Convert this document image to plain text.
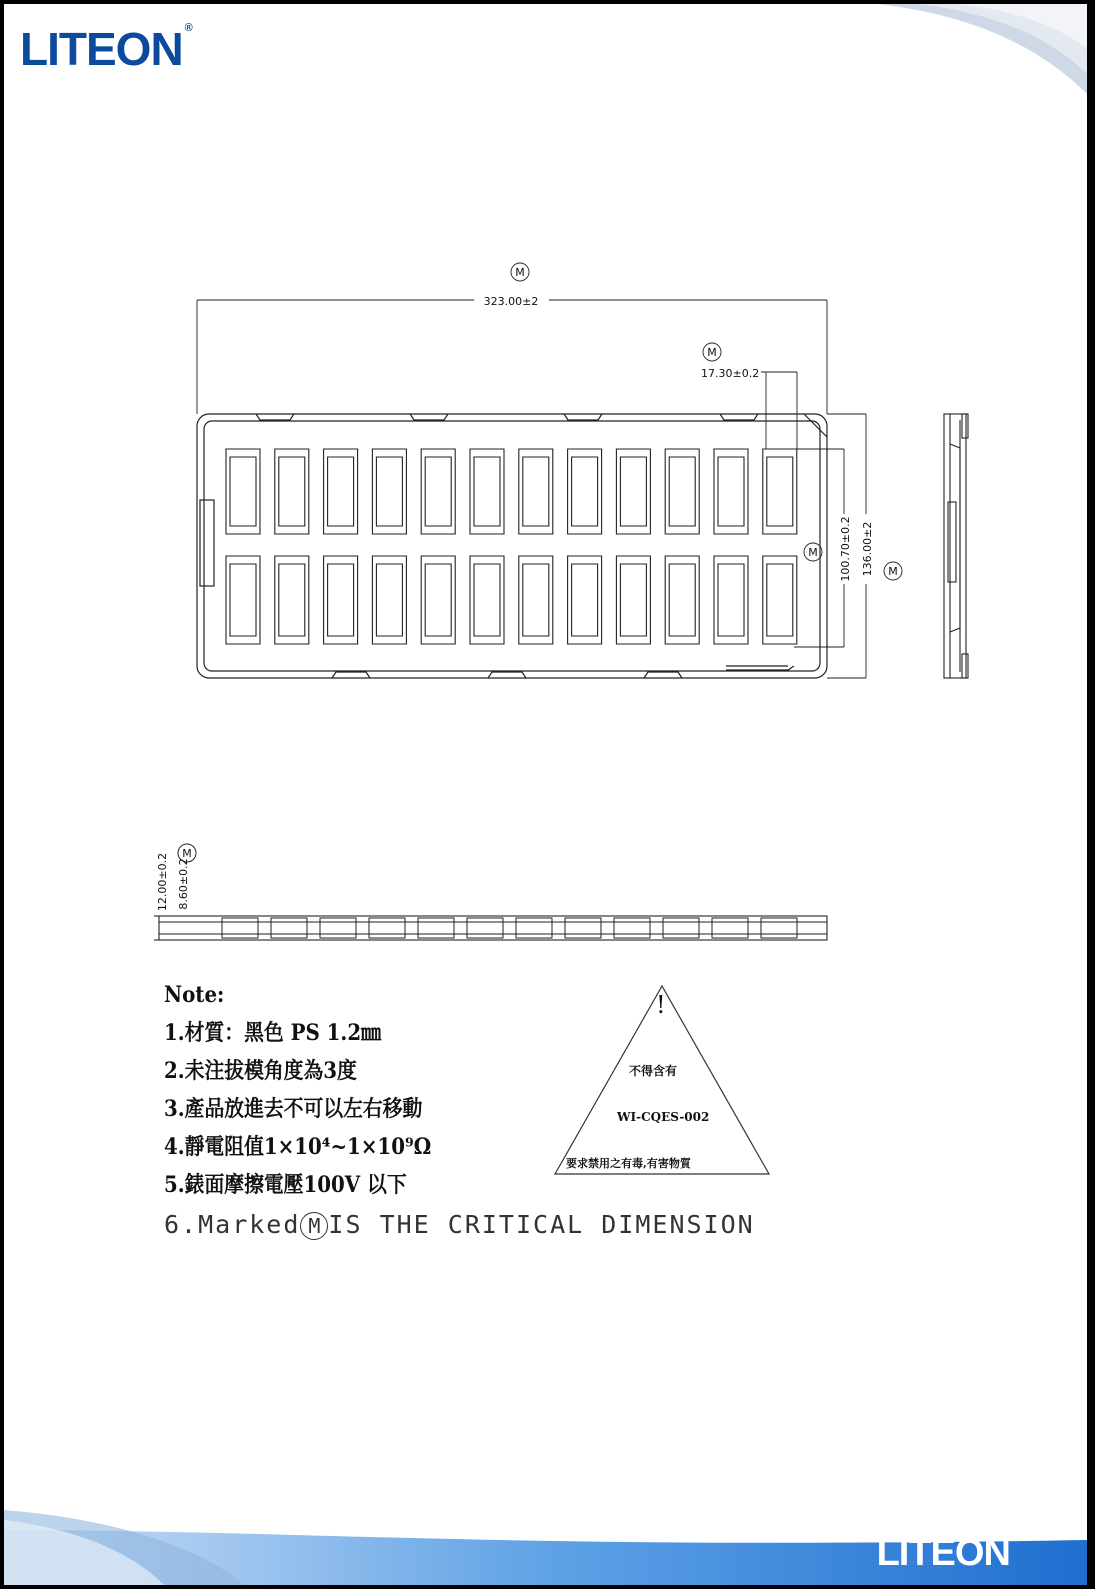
LITEON ®
323.00±2
17.30±0.2
100.70±0.2 136.00±2
M
M
M
M
M
12.00±0.2 8.60±0.2
!
不得含有
WI-CQES-002
要求禁用之有毒,有害物質
Note:
1.材質：黑色 PS 1.2㎜
2.未注拔模角度為3度
3.產品放進去不可以左右移動
4.靜電阻值1×10⁴~1×10⁹Ω
5.錶面摩擦電壓100V 以下
6.Marked M IS THE CRITICAL DIMENSION
LITEON ®
